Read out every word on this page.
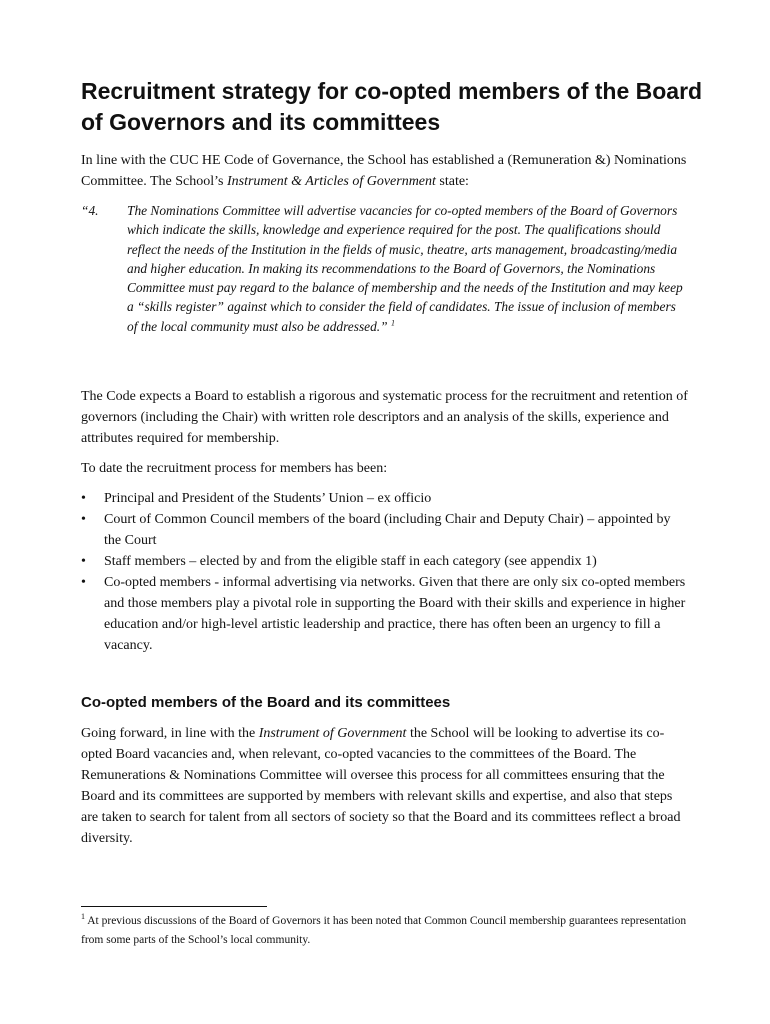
Recruitment strategy for co-opted members of the Board of Governors and its committees

In line with the CUC HE Code of Governance, the School has established a (Remuneration &) Nominations Committee. The School’s Instrument & Articles of Government state:

“4. The Nominations Committee will advertise vacancies for co-opted members of the Board of Governors which indicate the skills, knowledge and experience required for the post. The qualifications should reflect the needs of the Institution in the fields of music, theatre, arts management, broadcasting/media and higher education. In making its recommendations to the Board of Governors, the Nominations Committee must pay regard to the balance of membership and the needs of the Institution and may keep a “skills register” against which to consider the field of candidates. The issue of inclusion of members of the local community must also be addressed.” $^1$

The Code expects a Board to establish a rigorous and systematic process for the recruitment and retention of governors (including the Chair) with written role descriptors and an analysis of the skills, experience and attributes required for membership.

To date the recruitment process for members has been:

• Principal and President of the Students’ Union – ex officio
• Court of Common Council members of the board (including Chair and Deputy Chair) – appointed by the Court
• Staff members – elected by and from the eligible staff in each category (see appendix 1)
• Co-opted members - informal advertising via networks. Given that there are only six co-opted members and those members play a pivotal role in supporting the Board with their skills and experience in higher education and/or high-level artistic leadership and practice, there has often been an urgency to fill a vacancy.
Co-opted members of the Board and its committees

Going forward, in line with the Instrument of Government the School will be looking to advertise its co-opted Board vacancies and, when relevant, co-opted vacancies to the committees of the Board. The Remunerations & Nominations Committee will oversee this process for all committees ensuring that the Board and its committees are supported by members with relevant skills and expertise, and also that steps are taken to search for talent from all sectors of society so that the Board and its committees reflect a broad diversity.

$^1$ At previous discussions of the Board of Governors it has been noted that Common Council membership guarantees representation from some parts of the School’s local community.
